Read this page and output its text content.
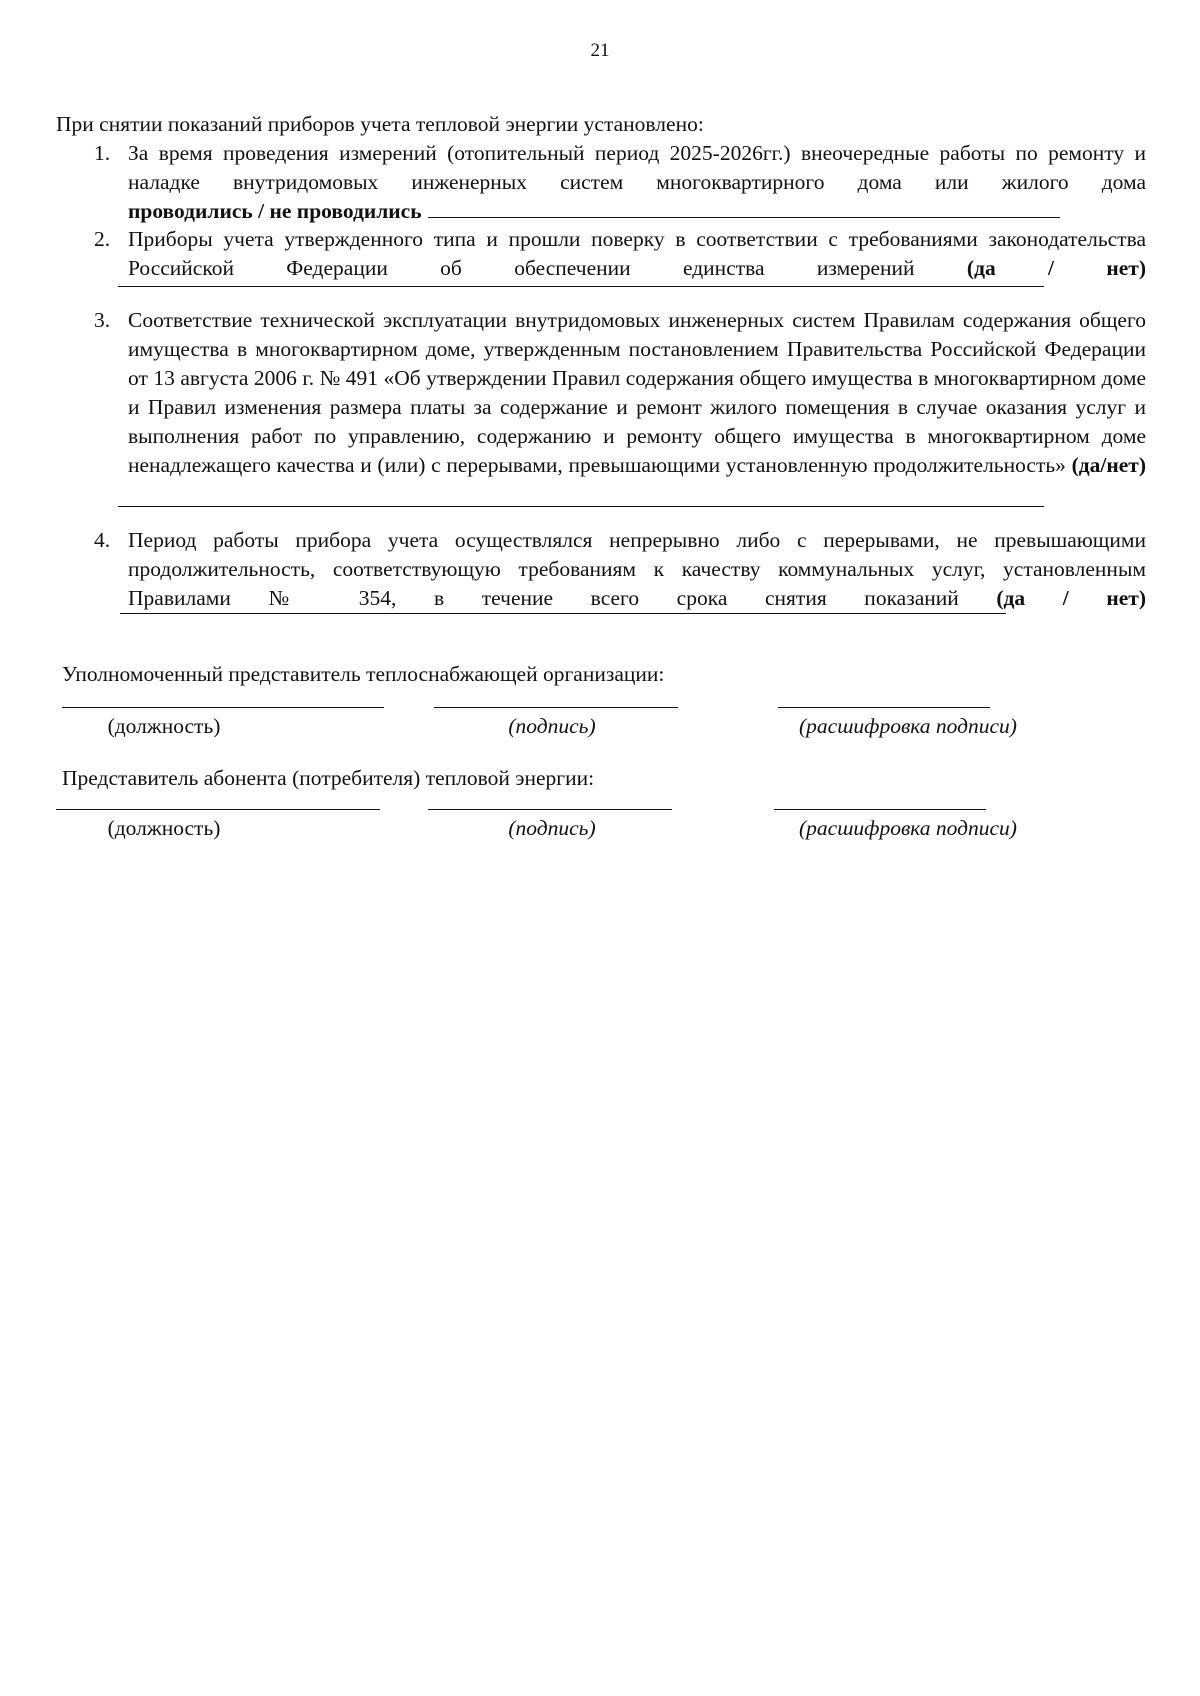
21
При снятии показаний приборов учета тепловой энергии установлено:
1. За время проведения измерений (отопительный период 2025-2026гг.) внеочередные работы по ремонту и наладке внутридомовых инженерных систем многоквартирного дома или жилого дома
проводились / не проводились
2. Приборы учета утвержденного типа и прошли поверку в соответствии с требованиями законодательства Российской Федерации об обеспечении единства измерений (да / нет)
3. Соответствие технической эксплуатации внутридомовых инженерных систем Правилам содержания общего имущества в многоквартирном доме, утвержденным постановлением Правительства Российской Федерации от 13 августа 2006 г. № 491 «Об утверждении Правил содержания общего имущества в многоквартирном доме и Правил изменения размера платы за содержание и ремонт жилого помещения в случае оказания услуг и выполнения работ по управлению, содержанию и ремонту общего имущества в многоквартирном доме ненадлежащего качества и (или) с перерывами, превышающими установленную продолжительность» (да/нет)
4. Период работы прибора учета осуществлялся непрерывно либо с перерывами, не превышающими продолжительность, соответствующую требованиям к качеству коммунальных услуг, установленным Правилами № 354, в течение всего срока снятия показаний (да / нет)
Уполномоченный представитель теплоснабжающей организации:
(должность)	(подпись)	(расшифровка подписи)
Представитель абонента (потребителя) тепловой энергии:
(должность)	(подпись)	(расшифровка подписи)
